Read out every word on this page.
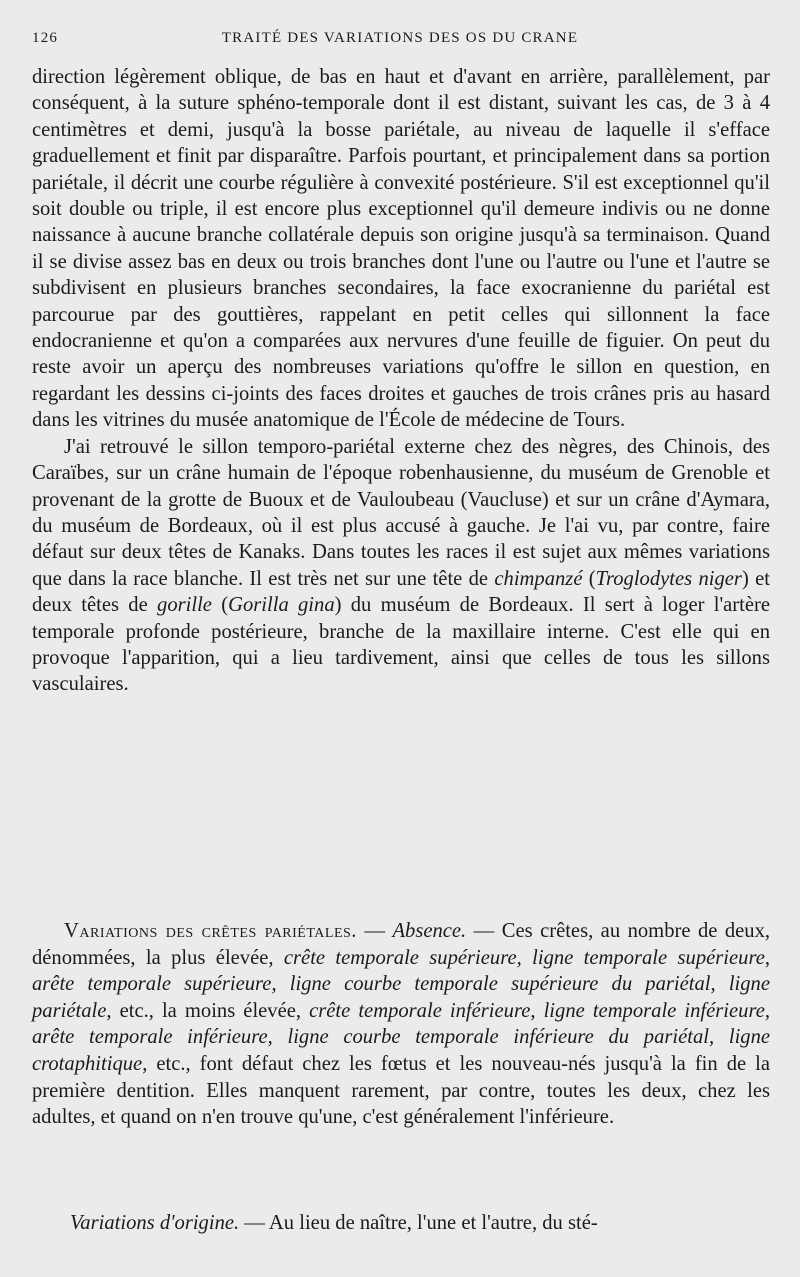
126	TRAITÉ DES VARIATIONS DES OS DU CRANE

direction légèrement oblique, de bas en haut et d'avant en arrière, parallèlement, par conséquent, à la suture sphéno-temporale dont il est distant, suivant les cas, de 3 à 4 centimètres et demi, jusqu'à la bosse pariétale, au niveau de laquelle il s'efface graduellement et finit par disparaître. Parfois pourtant, et principalement dans sa portion pariétale, il décrit une courbe régulière à convexité postérieure. S'il est exceptionnel qu'il soit double ou triple, il est encore plus exceptionnel qu'il demeure indivis ou ne donne naissance à aucune branche collatérale depuis son origine jusqu'à sa terminaison. Quand il se divise assez bas en deux ou trois branches dont l'une ou l'autre ou l'une et l'autre se subdivisent en plusieurs branches secondaires, la face exocranienne du pariétal est parcourue par des gouttières, rappelant en petit celles qui sillonnent la face endocranienne et qu'on a comparées aux nervures d'une feuille de figuier. On peut du reste avoir un aperçu des nombreuses variations qu'offre le sillon en question, en regardant les dessins ci-joints des faces droites et gauches de trois crânes pris au hasard dans les vitrines du musée anatomique de l'École de médecine de Tours.

J'ai retrouvé le sillon temporo-pariétal externe chez des nègres, des Chinois, des Caraïbes, sur un crâne humain de l'époque robenhausienne, du muséum de Grenoble et provenant de la grotte de Buoux et de Vauloubeau (Vaucluse) et sur un crâne d'Aymara, du muséum de Bordeaux, où il est plus accusé à gauche. Je l'ai vu, par contre, faire défaut sur deux têtes de Kanaks. Dans toutes les races il est sujet aux mêmes variations que dans la race blanche. Il est très net sur une tête de chimpanzé (Troglodytes niger) et deux têtes de gorille (Gorilla gina) du muséum de Bordeaux. Il sert à loger l'artère temporale profonde postérieure, branche de la maxillaire interne. C'est elle qui en provoque l'apparition, qui a lieu tardivement, ainsi que celles de tous les sillons vasculaires.

Variations des crêtes pariétales. — Absence. — Ces crêtes, au nombre de deux, dénommées, la plus élevée, crête temporale supérieure, ligne temporale supérieure, arête temporale supérieure, ligne courbe temporale supérieure du pariétal, ligne pariétale, etc., la moins élevée, crête temporale inférieure, ligne temporale inférieure, arête temporale inférieure, ligne courbe temporale inférieure du pariétal, ligne crotaphitique, etc., font défaut chez les fœtus et les nouveau-nés jusqu'à la fin de la première dentition. Elles manquent rarement, par contre, toutes les deux, chez les adultes, et quand on n'en trouve qu'une, c'est généralement l'inférieure.

Variations d'origine. — Au lieu de naître, l'une et l'autre, du sté-
